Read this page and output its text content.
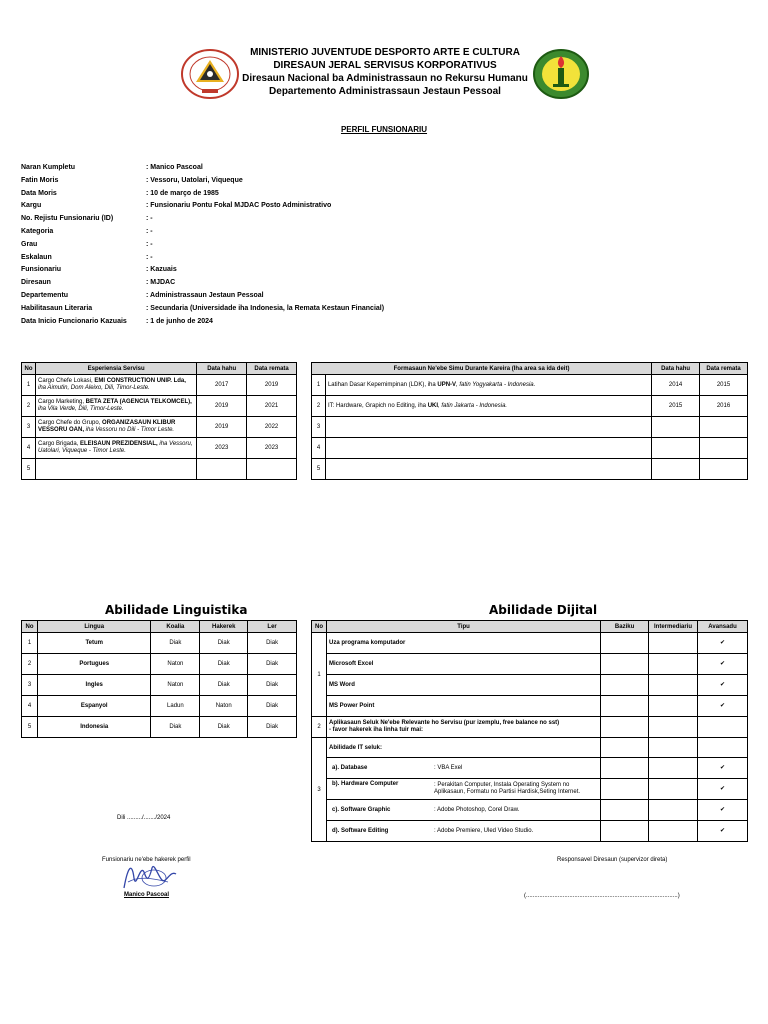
MINISTERIO JUVENTUDE DESPORTO ARTE E CULTURA
DIRESAUN JERAL SERVISUS KORPORATIVUS
Diresaun Nacional ba Administrassaun no Rekursu Humanu
Departemento Administrassaun Jestaun Pessoal
PERFIL FUNSIONARIU
Naran Kumpletu	: Manico Pascoal
Fatin Moris	: Vessoru, Uatolari, Viqueque
Data Moris	: 10 de março de 1985
Kargu	: Funsionariu Pontu Fokal MJDAC Posto Administrativo
No. Rejistu Funsionariu (ID)	: -
Kategoria	: -
Grau	: -
Eskalaun	: -
Funsionariu	: Kazuais
Diresaun	: MJDAC
Departementu	: Administrassaun Jestaun Pessoal
Habilitasaun Literaria	: Secundaria (Universidade iha Indonesia, la Remata Kestaun Financial)
Data Inicio Funcionario Kazuais	: 1 de junho de 2024
No	Esperiensia Servisu	Data hahu	Data remata
1	Cargo Chefe Lokasi, EMI CONSTRUCTION UNIP. Lda, iha Aimutin, Dom Aleixo, Dili, Timor-Leste.	2017	2019
2	Cargo Marketing, BETA ZETA (AGENCIA TELKOMCEL), iha Vila Verde, Dili, Timor-Leste.	2019	2021
3	Cargo Chefe do Grupo, ORGANIZASAUN KLIBUR VESSORU OAN, iha Vessoru no Dili - Timor Leste.	2019	2022
4	Cargo Brigada, ELEISAUN PREZIDENSIAL, iha Vessoru, Uatolari, Viqueque - Timor Leste.	2023	2023
5			
Formasaun Ne'ebe Simu Durante Kareira (Iha area sa ida deit)		Data hahu	Data remata
1	Latihan Dasar Kepemimpinan (LDK), iha UPN-V, fatin Yogyakarta - Indonesia.	2014	2015
2	IT: Hardware, Grapich no Editing, iha UKI, fatin Jakarta - Indonesia.	2015	2016
3			
4			
5			
Abilidade Linguistika	Abilidade Dijital
No	Lingua	Koalia	Hakerek	Ler
1	Tetum	Diak	Diak	Diak
2	Portugues	Naton	Diak	Diak
3	Ingles	Naton	Diak	Diak
4	Espanyol	Ladun	Naton	Diak
5	Indonesia	Diak	Diak	Diak
No	Tipu	Baziku	Intermediariu	Avansadu
1	Uza programa komputador			✔
	Microsoft Excel			✔
	MS Word			✔
	MS Power Point			✔
2	Aplikasaun Seluk Ne'ebe Relevante ho Servisu (pur izemplu, free balance no sst)
- favor hakerek iha linha tuir mai:			

3	Abilidade IT seluk:			

	a). Database : VBA Exel			✔

	b). Hardware Computer : Perakitan Computer, Instala Operating System no Aplikasaun, Formatu no Partisi Hardisk,Seting Internet.			✔

	c). Software Graphic : Adobe Photoshop, Corel Draw.			✔

	d). Software Editing : Adobe Premiere, Uled Video Studio.			✔
Dili ........./......./2024
Funsionariu ne'ebe hakerek perfil
Manico Pascoal
Responsavel Diresaun (supervizor direta)
(...........................................................................................)
